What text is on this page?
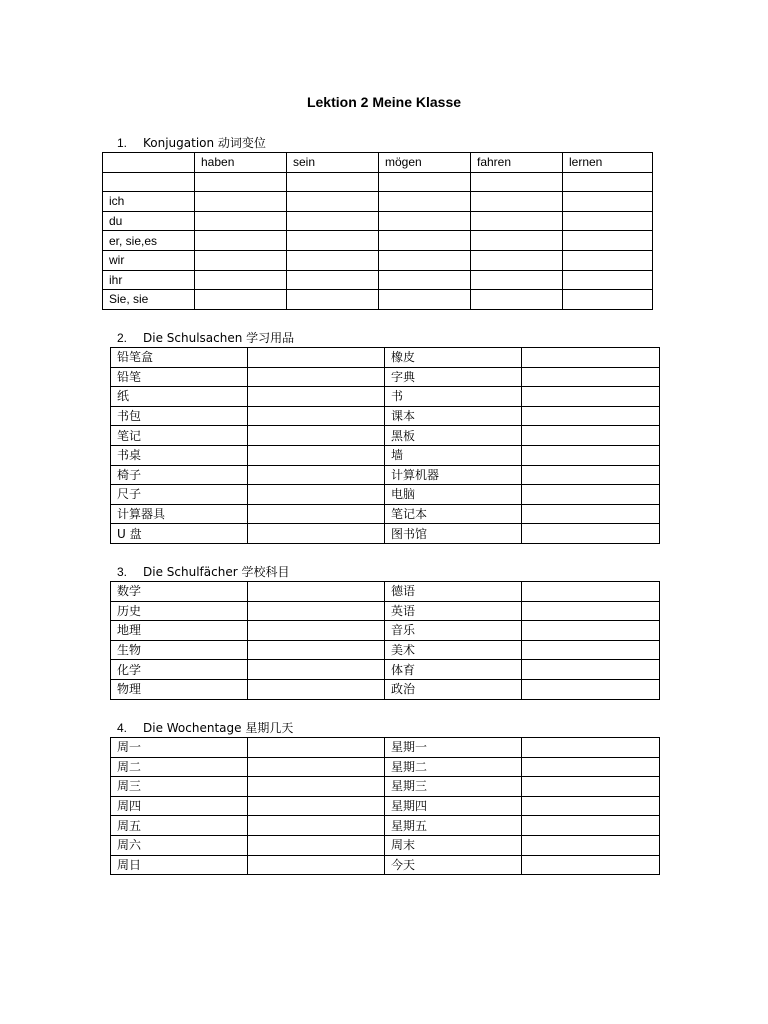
Lektion 2 Meine Klasse
1. Konjugation 动词变位
	haben	sein	mögen	fahren	lernen

ich					
du					
er, sie,es					
wir					
ihr					
Sie, sie					
2. Die Schulsachen 学习用品
铅笔盒		橡皮	
铅笔		字典	
纸		书	
书包		课本	
笔记		黑板	
书桌		墙	
椅子		计算机器	
尺子		电脑	
计算器具		笔记本	
U 盘		图书馆	
3. Die Schulfächer 学校科目
数学		德语	
历史		英语	
地理		音乐	
生物		美术	
化学		体育	
物理		政治	
4. Die Wochentage 星期几天
周一		星期一	
周二		星期二	
周三		星期三	
周四		星期四	
周五		星期五	
周六		周末	
周日		今天	
